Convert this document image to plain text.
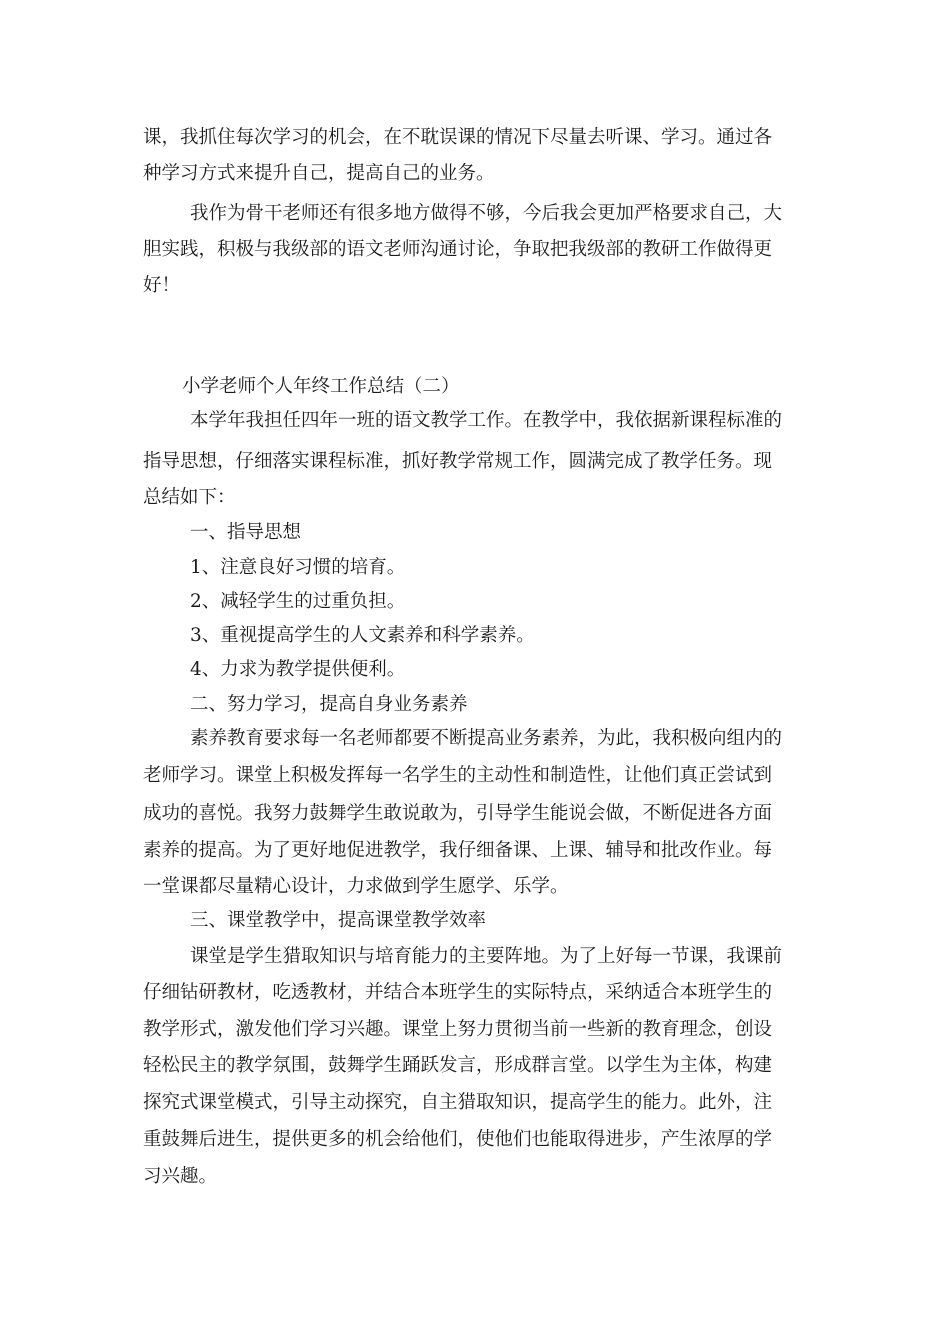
课，我抓住每次学习的机会，在不耽误课的情况下尽量去听课、学习。通过各
种学习方式来提升自己，提高自己的业务。
我作为骨干老师还有很多地方做得不够，今后我会更加严格要求自己，大
胆实践，积极与我级部的语文老师沟通讨论，争取把我级部的教研工作做得更
好！
小学老师个人年终工作总结（二）
本学年我担任四年一班的语文教学工作。在教学中，我依据新课程标准的
指导思想，仔细落实课程标准，抓好教学常规工作，圆满完成了教学任务。现
总结如下：
一、指导思想
1、注意良好习惯的培育。
2、减轻学生的过重负担。
3、重视提高学生的人文素养和科学素养。
4、力求为教学提供便利。
二、努力学习，提高自身业务素养
素养教育要求每一名老师都要不断提高业务素养，为此，我积极向组内的
老师学习。课堂上积极发挥每一名学生的主动性和制造性，让他们真正尝试到
成功的喜悦。我努力鼓舞学生敢说敢为，引导学生能说会做，不断促进各方面
素养的提高。为了更好地促进教学，我仔细备课、上课、辅导和批改作业。每
一堂课都尽量精心设计，力求做到学生愿学、乐学。
三、课堂教学中，提高课堂教学效率
课堂是学生猎取知识与培育能力的主要阵地。为了上好每一节课，我课前
仔细钻研教材，吃透教材，并结合本班学生的实际特点，采纳适合本班学生的
教学形式，激发他们学习兴趣。课堂上努力贯彻当前一些新的教育理念，创设
轻松民主的教学氛围，鼓舞学生踊跃发言，形成群言堂。以学生为主体，构建
探究式课堂模式，引导主动探究，自主猎取知识，提高学生的能力。此外，注
重鼓舞后进生，提供更多的机会给他们，使他们也能取得进步，产生浓厚的学
习兴趣。
